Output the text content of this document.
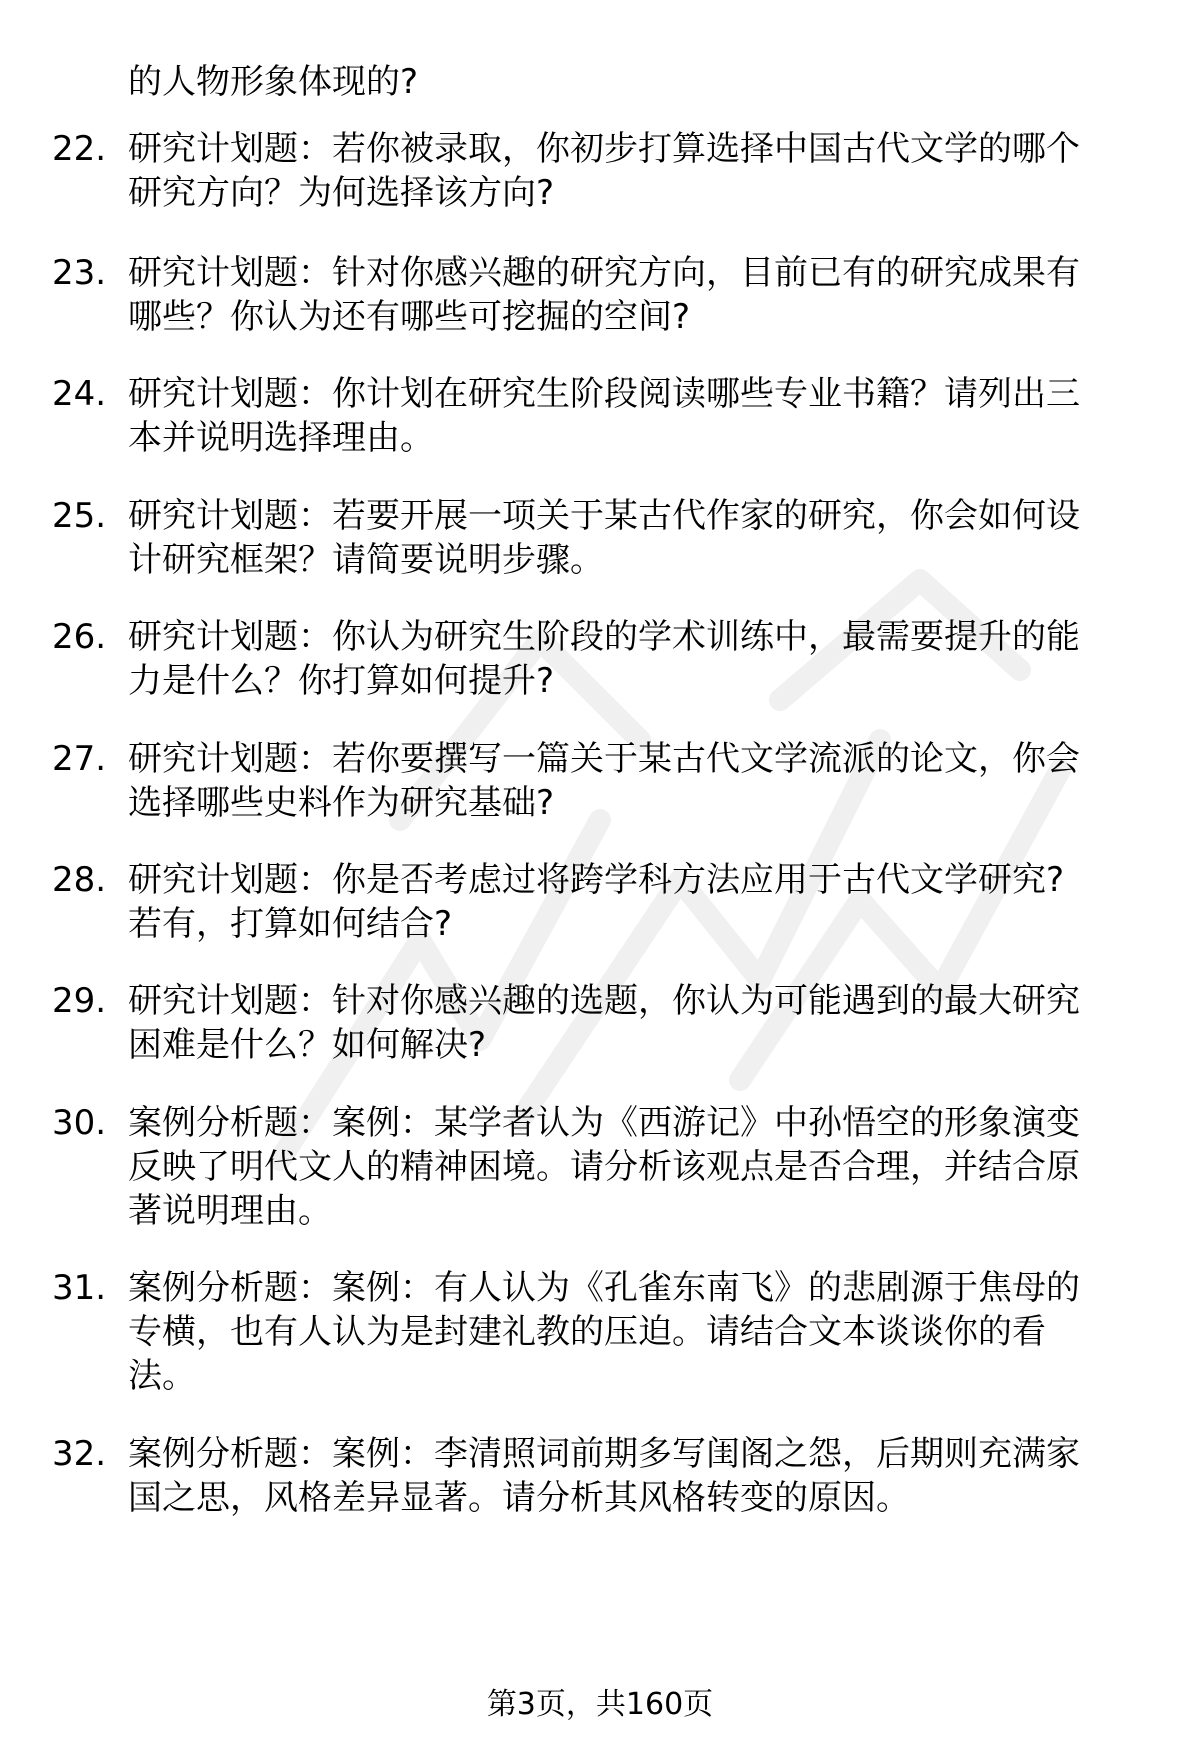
的人物形象体现的?
22. 研究计划题：若你被录取，你初步打算选择中国古代文学的哪个
研究方向？为何选择该方向?
23. 研究计划题：针对你感兴趣的研究方向，目前已有的研究成果有
哪些？你认为还有哪些可挖掘的空间?
24. 研究计划题：你计划在研究生阶段阅读哪些专业书籍？请列出三
本并说明选择理由。
25. 研究计划题：若要开展一项关于某古代作家的研究，你会如何设
计研究框架？请简要说明步骤。
26. 研究计划题：你认为研究生阶段的学术训练中，最需要提升的能
力是什么？你打算如何提升?
27. 研究计划题：若你要撰写一篇关于某古代文学流派的论文，你会
选择哪些史料作为研究基础?
28. 研究计划题：你是否考虑过将跨学科方法应用于古代文学研究?
若有，打算如何结合?
29. 研究计划题：针对你感兴趣的选题，你认为可能遇到的最大研究
困难是什么？如何解决?
30. 案例分析题：案例：某学者认为《西游记》中孙悟空的形象演变
反映了明代文人的精神困境。请分析该观点是否合理，并结合原
著说明理由。
31. 案例分析题：案例：有人认为《孔雀东南飞》的悲剧源于焦母的
专横，也有人认为是封建礼教的压迫。请结合文本谈谈你的看
法。
32. 案例分析题：案例：李清照词前期多写闺阁之怨，后期则充满家
国之思，风格差异显著。请分析其风格转变的原因。
第3页，共160页
